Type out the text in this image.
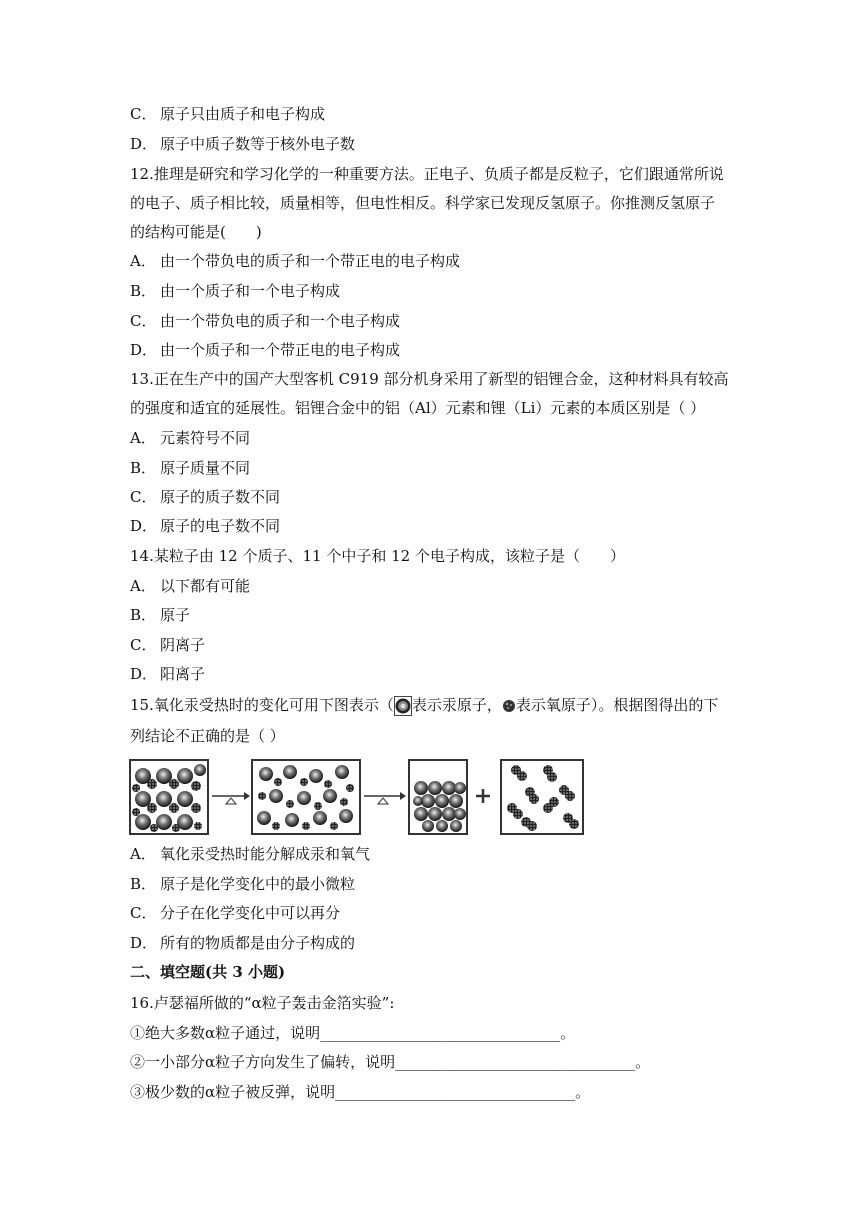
C． 原子只由质子和电子构成
D． 原子中质子数等于核外电子数
12.推理是研究和学习化学的一种重要方法。正电子、负质子都是反粒子，它们跟通常所说
的电子、质子相比较，质量相等，但电性相反。科学家已发现反氢原子。你推测反氢原子
的结构可能是(　　)
A． 由一个带负电的质子和一个带正电的电子构成
B． 由一个质子和一个电子构成
C． 由一个带负电的质子和一个电子构成
D． 由一个质子和一个带正电的电子构成
13.正在生产中的国产大型客机 C919 部分机身采用了新型的铝锂合金，这种材料具有较高
的强度和适宜的延展性。铝锂合金中的铝（Al）元素和锂（Li）元素的本质区别是（ ）
A． 元素符号不同
B． 原子质量不同
C． 原子的质子数不同
D． 原子的电子数不同
14.某粒子由 12 个质子、11 个中子和 12 个电子构成，该粒子是（　　）
A． 以下都有可能
B． 原子
C． 阴离子
D． 阳离子
15.氧化汞受热时的变化可用下图表示（ 表示汞原子， 表示氧原子）。根据图得出的下
列结论不正确的是（ ）
A． 氧化汞受热时能分解成汞和氧气
B． 原子是化学变化中的最小微粒
C． 分子在化学变化中可以再分
D． 所有的物质都是由分子构成的
二、填空题(共 3 小题)
16.卢瑟福所做的“α粒子轰击金箔实验”:
①绝大多数α粒子通过，说明________________________________。
②一小部分α粒子方向发生了偏转，说明________________________________。
③极少数的α粒子被反弹，说明________________________________。
